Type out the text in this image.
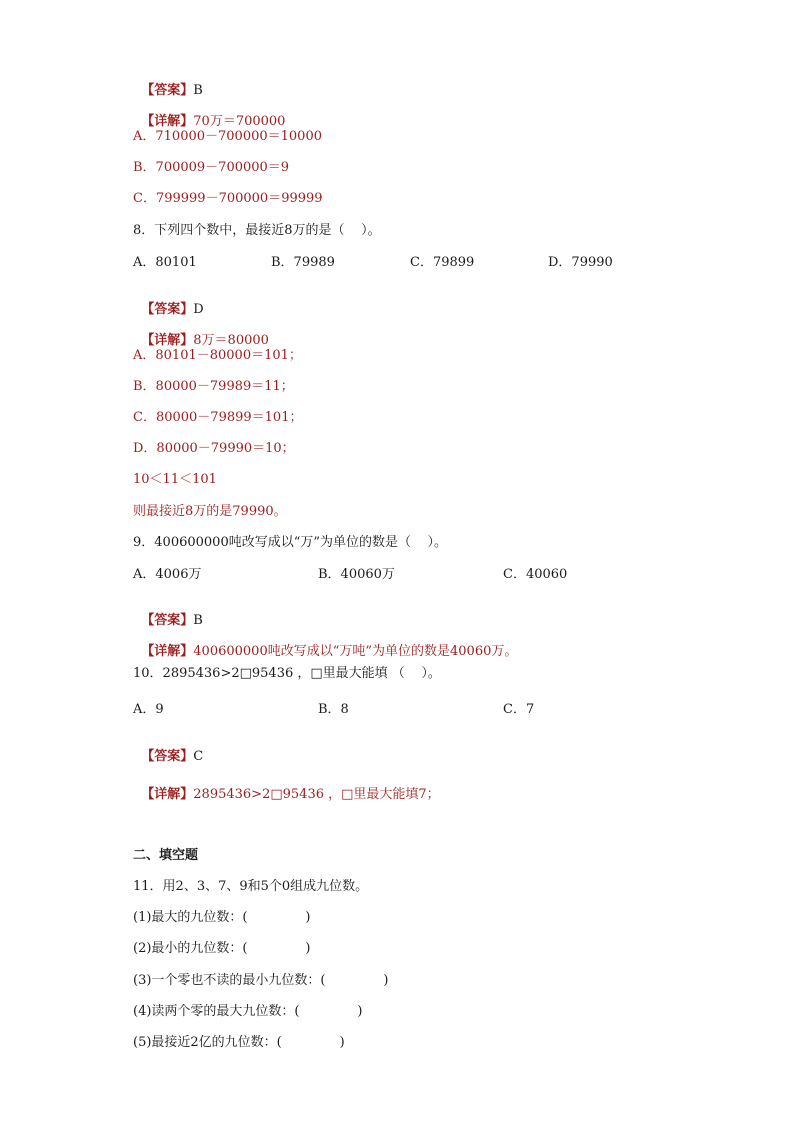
【答案】B

【详解】70万＝700000

A．710000－700000＝10000
B．700009－700000＝9
C．799999－700000＝99999
8．下列四个数中，最接近8万的是（    ）。
A．80101	B．79989	C．79899	D．79990

【答案】D

【详解】8万＝80000

A．80101－80000＝101；
B．80000－79989＝11；
C．80000－79899＝101；
D．80000－79990＝10；
10＜11＜101
则最接近8万的是79990。
9．400600000吨改写成以“万”为单位的数是（    ）。
A．4006万	B．40060万	C．40060

【答案】B

【详解】400600000吨改写成以“万吨”为单位的数是40060万。

10．2895436>2□95436 ，□里最大能填 （    ）。
A．9	B．8	C．7

【答案】C

【详解】2895436>2□95436 ，□里最大能填7；

二、填空题
11．用2、3、7、9和5个0组成九位数。
(1)最大的九位数：(              )
(2)最小的九位数：(              )
(3)一个零也不读的最小九位数：(              )
(4)读两个零的最大九位数：(              )
(5)最接近2亿的九位数：(              )
